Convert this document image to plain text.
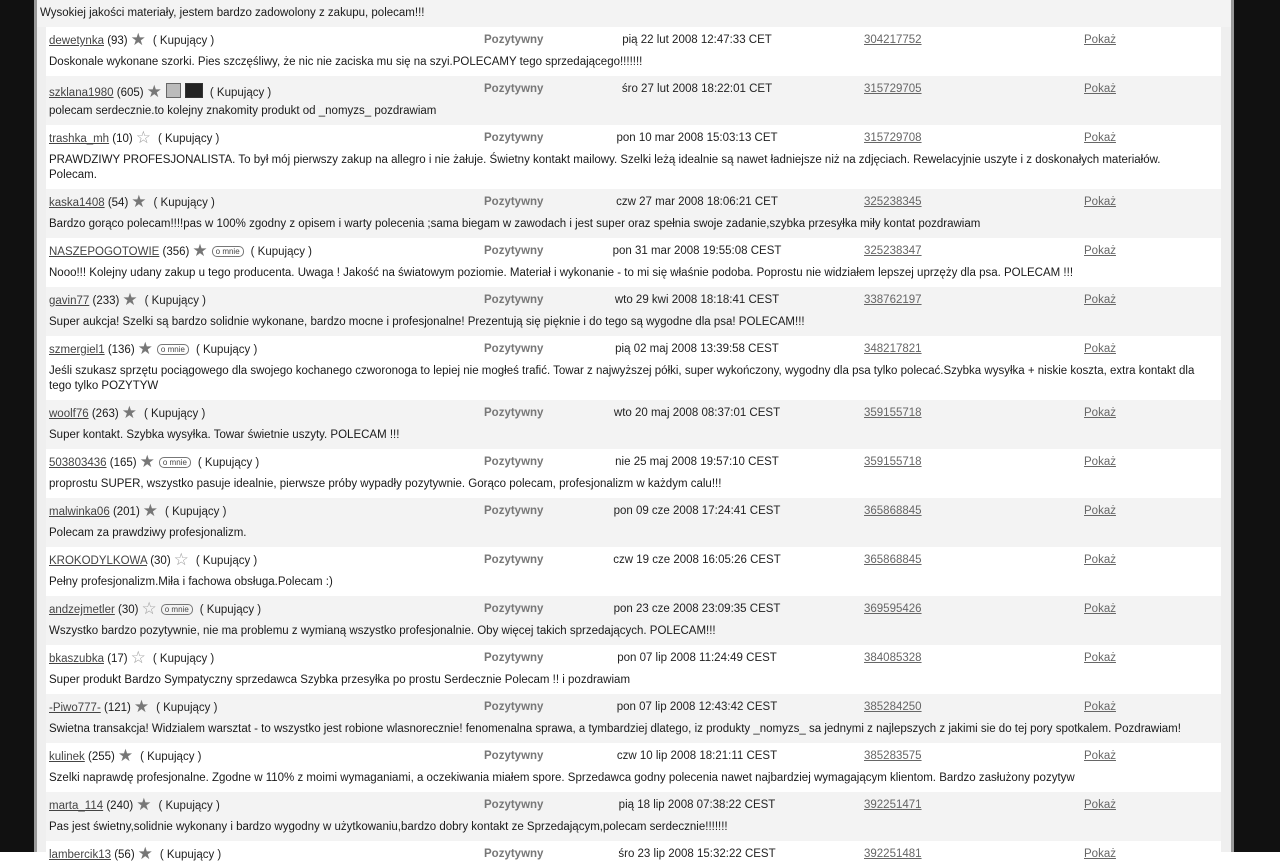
Wysokiej jakości materiały, jestem bardzo zadowolony z zakupu, polecam!!!
dewetynka (93) ★ ( Kupujący )	Pozytywny	pią 22 lut 2008 12:47:33 CET	304217752	Pokaż
Doskonale wykonane szorki. Pies szczęśliwy, że nic nie zaciska mu się na szyi.POLECAMY tego sprzedającego!!!!!!!
szklana1980 (605) ★	( Kupujący )	Pozytywny	śro 27 lut 2008 18:22:01 CET	315729705	Pokaż
polecam serdecznie.to kolejny znakomity produkt od _nomyzs_ pozdrawiam
trashka_mh (10) ☆ ( Kupujący )	Pozytywny	pon 10 mar 2008 15:03:13 CET	315729708	Pokaż
PRAWDZIWY PROFESJONALISTA. To był mój pierwszy zakup na allegro i nie żałuje. Świetny kontakt mailowy. Szelki leżą idealnie są nawet ładniejsze niż na zdjęciach. Rewelacyjnie uszyte i z doskonałych materiałów. Polecam.
kaska1408 (54) ★ ( Kupujący )	Pozytywny	czw 27 mar 2008 18:06:21 CET	325238345	Pokaż
Bardzo gorąco polecam!!!!pas w 100% zgodny z opisem i warty polecenia ;sama biegam w zawodach i jest super oraz spełnia swoje zadanie,szybka przesyłka miły kontat pozdrawiam
NASZEPOGOTOWIE (356) ★ o mnie ( Kupujący )	Pozytywny	pon 31 mar 2008 19:55:08 CEST	325238347	Pokaż
Nooo!!! Kolejny udany zakup u tego producenta. Uwaga ! Jakość na światowym poziomie. Materiał i wykonanie - to mi się właśnie podoba. Poprostu nie widziałem lepszej uprzęży dla psa. POLECAM !!!
gavin77 (233) ★ ( Kupujący )	Pozytywny	wto 29 kwi 2008 18:18:41 CEST	338762197	Pokaż
Super aukcja! Szelki są bardzo solidnie wykonane, bardzo mocne i profesjonalne! Prezentują się pięknie i do tego są wygodne dla psa! POLECAM!!!
szmergiel1 (136) ★ o mnie ( Kupujący )	Pozytywny	pią 02 maj 2008 13:39:58 CEST	348217821	Pokaż
Jeśli szukasz sprzętu pociągowego dla swojego kochanego czworonoga to lepiej nie mogłeś trafić. Towar z najwyższej półki, super wykończony, wygodny dla psa tylko polecać.Szybka wysyłka + niskie koszta, extra kontakt dla tego tylko POZYTYW
woolf76 (263) ★ ( Kupujący )	Pozytywny	wto 20 maj 2008 08:37:01 CEST	359155718	Pokaż
Super kontakt. Szybka wysyłka. Towar świetnie uszyty. POLECAM !!!
503803436 (165) ★ o mnie ( Kupujący )	Pozytywny	nie 25 maj 2008 19:57:10 CEST	359155718	Pokaż
proprostu SUPER, wszystko pasuje idealnie, pierwsze próby wypadły pozytywnie. Gorąco polecam, profesjonalizm w każdym calu!!!
malwinka06 (201) ★ ( Kupujący )	Pozytywny	pon 09 cze 2008 17:24:41 CEST	365868845	Pokaż
Polecam za prawdziwy profesjonalizm.
KROKODYLKOWA (30) ☆ ( Kupujący )	Pozytywny	czw 19 cze 2008 16:05:26 CEST	365868845	Pokaż
Pełny profesjonalizm.Miła i fachowa obsługa.Polecam :)
andzejmetler (30) ☆ o mnie ( Kupujący )	Pozytywny	pon 23 cze 2008 23:09:35 CEST	369595426	Pokaż
Wszystko bardzo pozytywnie, nie ma problemu z wymianą wszystko profesjonalnie. Oby więcej takich sprzedających. POLECAM!!!
bkaszubka (17) ☆ ( Kupujący )	Pozytywny	pon 07 lip 2008 11:24:49 CEST	384085328	Pokaż
Super produkt Bardzo Sympatyczny sprzedawca Szybka przesyłka po prostu Serdecznie Polecam !! i pozdrawiam
-Piwo777- (121) ★ ( Kupujący )	Pozytywny	pon 07 lip 2008 12:43:42 CEST	385284250	Pokaż
Swietna transakcja! Widzialem warsztat - to wszystko jest robione wlasnorecznie! fenomenalna sprawa, a tymbardziej dlatego, iz produkty _nomyzs_ sa jednymi z najlepszych z jakimi sie do tej pory spotkalem. Pozdrawiam!
kulinek (255) ★ ( Kupujący )	Pozytywny	czw 10 lip 2008 18:21:11 CEST	385283575	Pokaż
Szelki naprawdę profesjonalne. Zgodne w 110% z moimi wymaganiami, a oczekiwania miałem spore. Sprzedawca godny polecenia nawet najbardziej wymagającym klientom. Bardzo zasłużony pozytyw
marta_114 (240) ★ ( Kupujący )	Pozytywny	pią 18 lip 2008 07:38:22 CEST	392251471	Pokaż
Pas jest świetny,solidnie wykonany i bardzo wygodny w użytkowaniu,bardzo dobry kontakt ze Sprzedającym,polecam serdecznie!!!!!!!
lambercik13 (56) ★ ( Kupujący )	Pozytywny	śro 23 lip 2008 15:32:22 CEST	392251481	Pokaż
